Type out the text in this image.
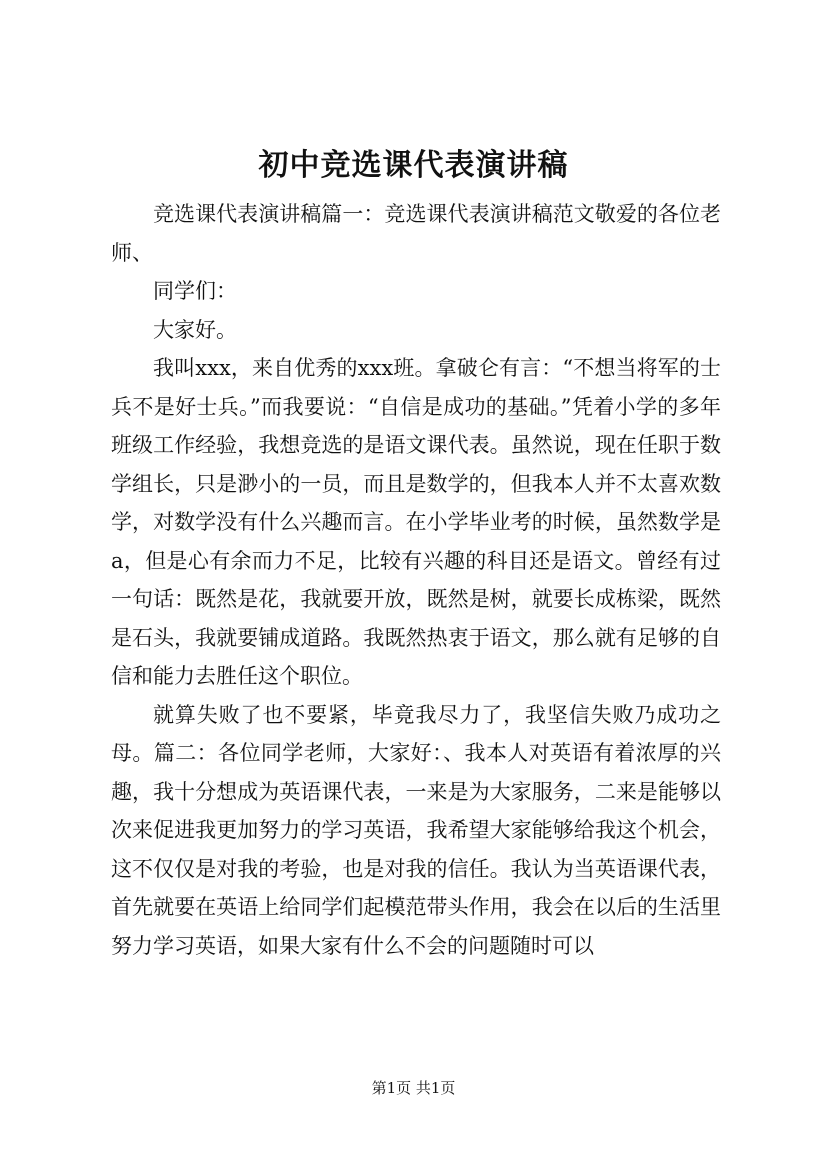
初中竞选课代表演讲稿

竞选课代表演讲稿篇一：竞选课代表演讲稿范文敬爱的各位老师、

同学们：

大家好。

我叫xxx，来自优秀的xxx班。拿破仑有言：“不想当将军的士兵不是好士兵。”而我要说：“自信是成功的基础。”凭着小学的多年班级工作经验，我想竞选的是语文课代表。虽然说，现在任职于数学组长，只是渺小的一员，而且是数学的，但我本人并不太喜欢数学，对数学没有什么兴趣而言。在小学毕业考的时候，虽然数学是a，但是心有余而力不足，比较有兴趣的科目还是语文。曾经有过一句话：既然是花，我就要开放，既然是树，就要长成栋梁，既然是石头，我就要铺成道路。我既然热衷于语文，那么就有足够的自信和能力去胜任这个职位。

就算失败了也不要紧，毕竟我尽力了，我坚信失败乃成功之母。篇二：各位同学老师，大家好：、我本人对英语有着浓厚的兴趣，我十分想成为英语课代表，一来是为大家服务，二来是能够以次来促进我更加努力的学习英语，我希望大家能够给我这个机会，这不仅仅是对我的考验，也是对我的信任。我认为当英语课代表，首先就要在英语上给同学们起模范带头作用，我会在以后的生活里努力学习英语，如果大家有什么不会的问题随时可以

第1页 共1页
